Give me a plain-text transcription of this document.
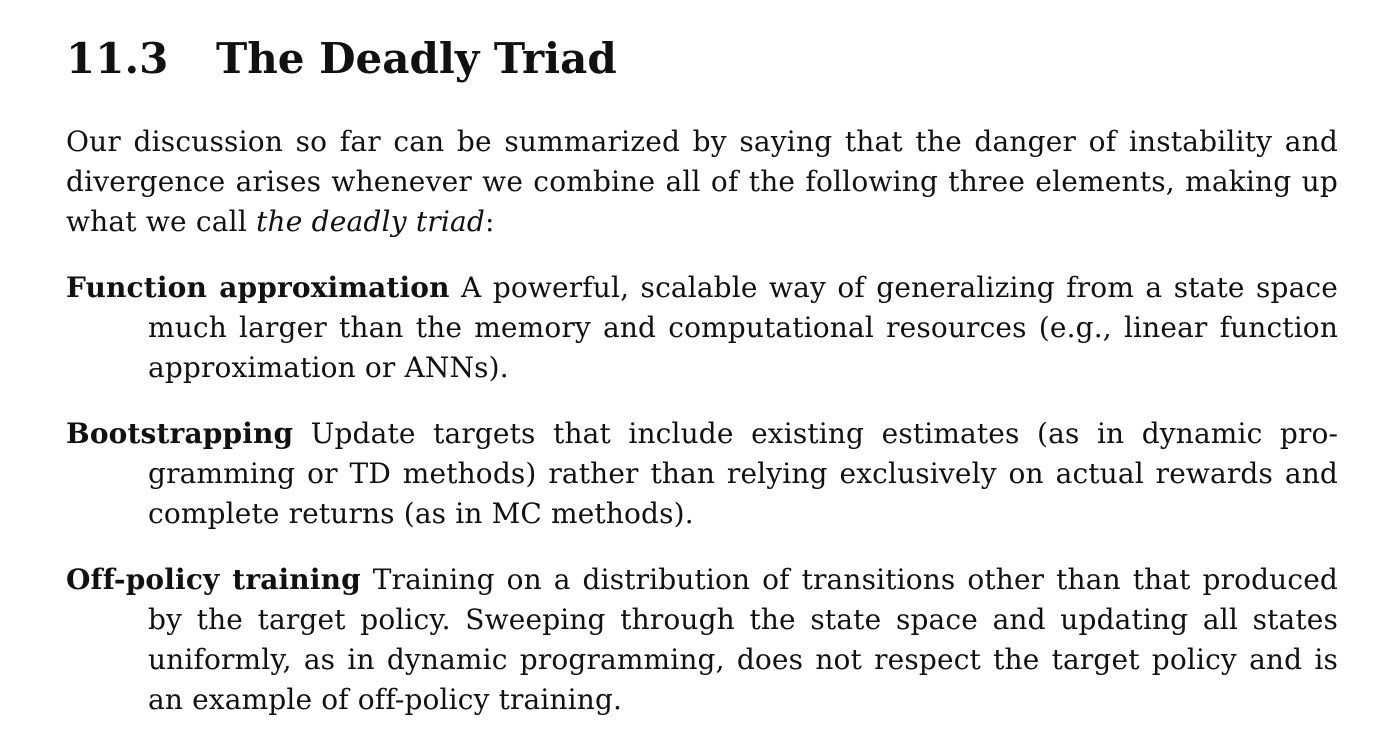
11.3 The Deadly Triad

Our discussion so far can be summarized by saying that the danger of instability and divergence arises whenever we combine all of the following three elements, making up what we call the deadly triad:

Function approximation A powerful, scalable way of generalizing from a state space much larger than the memory and computational resources (e.g., linear function approximation or ANNs).
Bootstrapping Update targets that include existing estimates (as in dynamic programming or TD methods) rather than relying exclusively on actual rewards and complete returns (as in MC methods).
Off-policy training Training on a distribution of transitions other than that produced by the target policy. Sweeping through the state space and updating all states uniformly, as in dynamic programming, does not respect the target policy and is an example of off-policy training.
